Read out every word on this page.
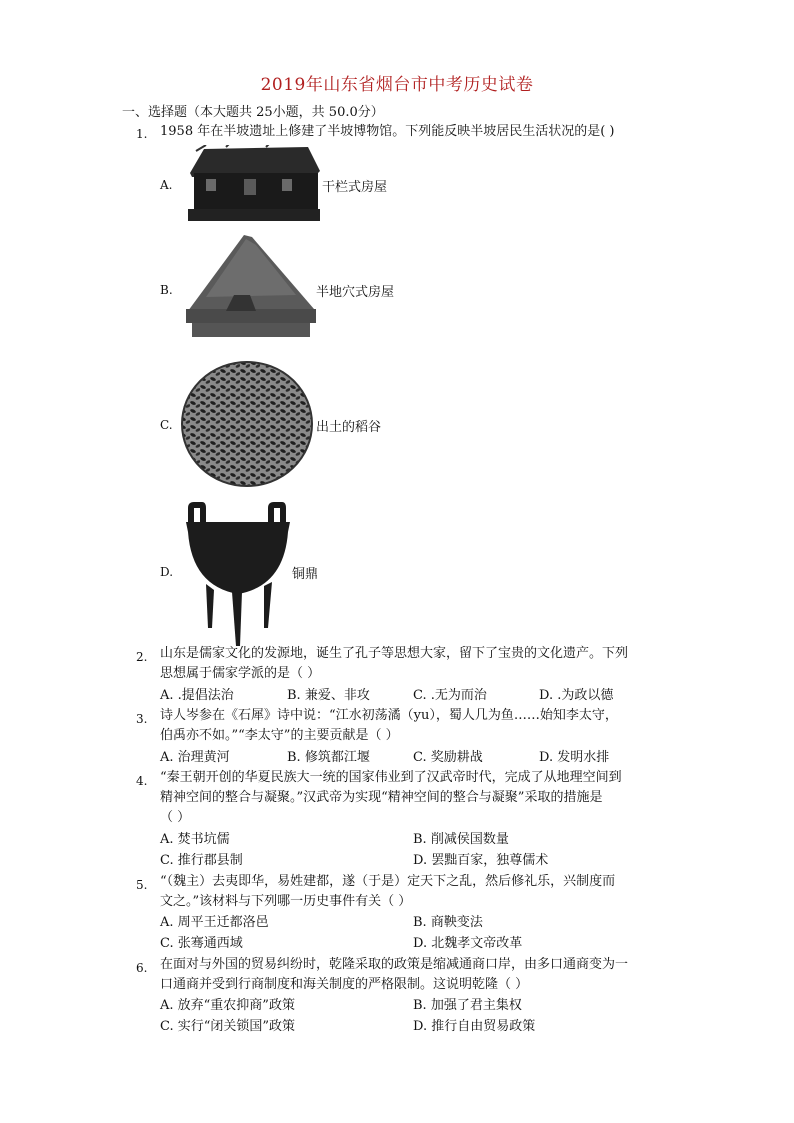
2019年山东省烟台市中考历史试卷
一、选择题（本大题共 25小题，共 50.0分）
1. 1958 年在半坡遗址上修建了半坡博物馆。下列能反映半坡居民生活状况的是( )
A.	干栏式房屋
B.	半地穴式房屋
C.	出土的稻谷
D.	铜鼎
2. 山东是儒家文化的发源地，诞生了孔子等思想大家，留下了宝贵的文化遗产。下列
思想属于儒家学派的是（ ）
A. .提倡法治	B. 兼爱、非攻	C. .无为而治	D. .为政以德
3. 诗人岑参在《石犀》诗中说：“江水初荡潏（yu），蜀人几为鱼……始知李太守，
伯禹亦不如。”“李太守”的主要贡献是（ ）
A. 治理黄河	B. 修筑都江堰	C. 奖励耕战	D. 发明水排
4. “秦王朝开创的华夏民族大一统的国家伟业到了汉武帝时代，完成了从地理空间到
精神空间的整合与凝聚。”汉武帝为实现“精神空间的整合与凝聚”采取的措施是
（ ）
A. 焚书坑儒	B. 削减侯国数量
C. 推行郡县制	D. 罢黜百家，独尊儒术
5. “（魏主）去夷即华，易姓建都，遂（于是）定天下之乱，然后修礼乐，兴制度而
文之。”该材料与下列哪一历史事件有关（ ）
A. 周平王迁都洛邑	B. 商鞅变法
C. 张骞通西域	D. 北魏孝文帝改革
6. 在面对与外国的贸易纠纷时，乾隆采取的政策是缩减通商口岸，由多口通商变为一
口通商并受到行商制度和海关制度的严格限制。这说明乾隆（ ）
A. 放弃“重农抑商”政策	B. 加强了君主集权
C. 实行“闭关锁国”政策	D. 推行自由贸易政策
